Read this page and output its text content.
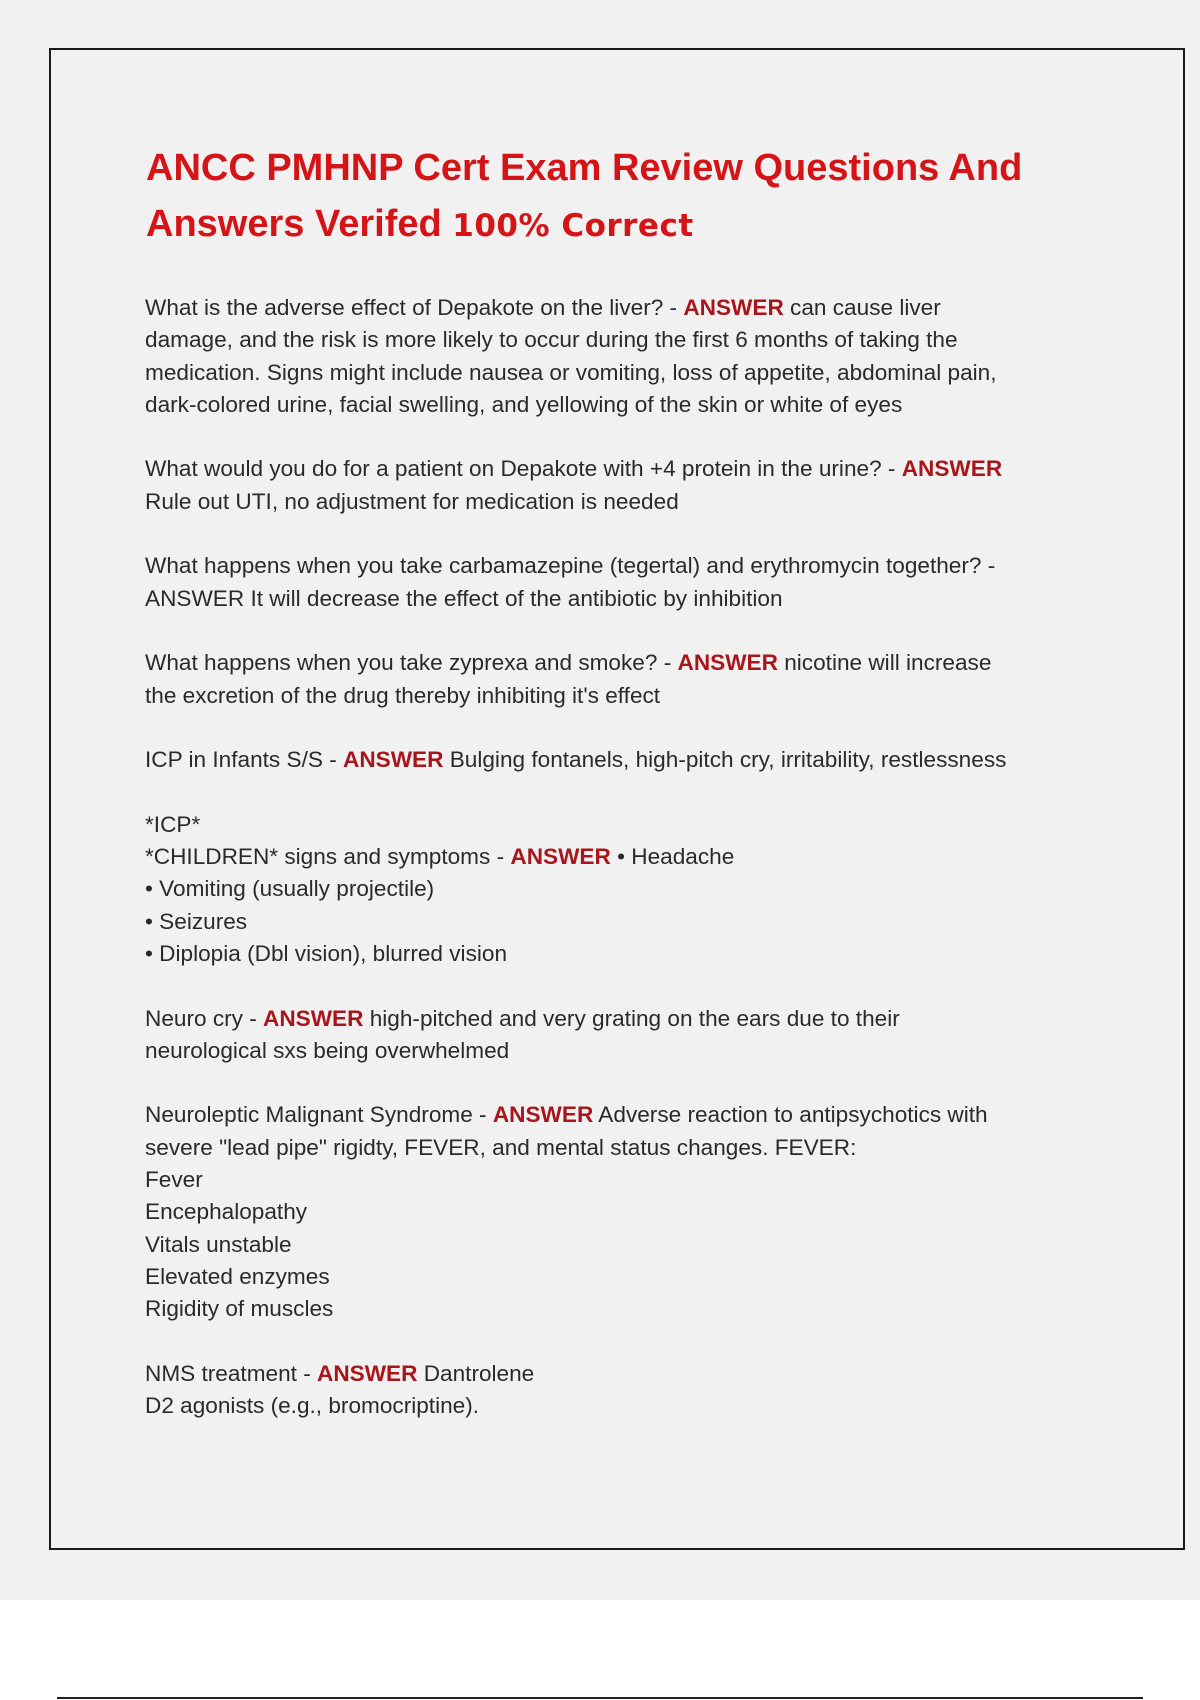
ANCC PMHNP Cert Exam Review Questions And Answers Verifed 100% Correct
What is the adverse effect of Depakote on the liver? - ANSWER can cause liver
damage, and the risk is more likely to occur during the first 6 months of taking the
medication. Signs might include nausea or vomiting, loss of appetite, abdominal pain,
dark-colored urine, facial swelling, and yellowing of the skin or white of eyes
What would you do for a patient on Depakote with +4 protein in the urine? - ANSWER
Rule out UTI, no adjustment for medication is needed
What happens when you take carbamazepine (tegertal) and erythromycin together? -
ANSWER It will decrease the effect of the antibiotic by inhibition
What happens when you take zyprexa and smoke? - ANSWER nicotine will increase
the excretion of the drug thereby inhibiting it's effect
ICP in Infants S/S - ANSWER Bulging fontanels, high-pitch cry, irritability, restlessness
*ICP*
*CHILDREN* signs and symptoms - ANSWER • Headache
• Vomiting (usually projectile)
• Seizures
• Diplopia (Dbl vision), blurred vision
Neuro cry - ANSWER high-pitched and very grating on the ears due to their
neurological sxs being overwhelmed
Neuroleptic Malignant Syndrome - ANSWER Adverse reaction to antipsychotics with
severe "lead pipe" rigidty, FEVER, and mental status changes. FEVER:
Fever
Encephalopathy
Vitals unstable
Elevated enzymes
Rigidity of muscles
NMS treatment - ANSWER Dantrolene
D2 agonists (e.g., bromocriptine).
